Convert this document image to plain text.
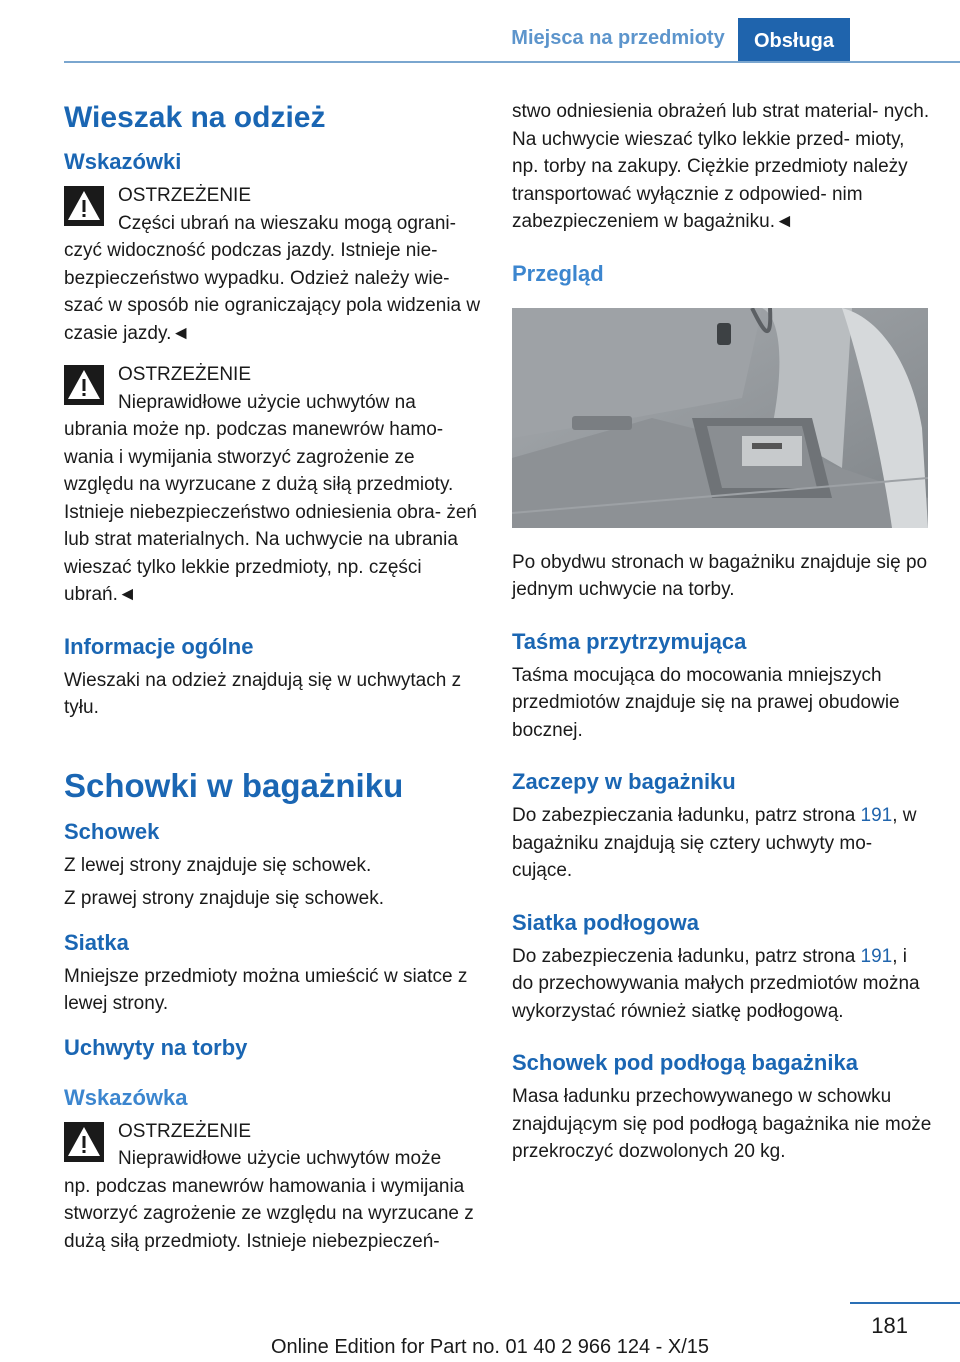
Miejsca na przedmioty	Obsługa
Wieszak na odzież
Wskazówki
OSTRZEŻENIE
Części ubrań na wieszaku mogą ograni-
czyć widoczność podczas jazdy. Istnieje nie- bezpieczeństwo wypadku. Odzież należy wie- szać w sposób nie ograniczający pola widzenia w czasie jazdy.◄
OSTRZEŻENIE
Nieprawidłowe użycie uchwytów na
ubrania może np. podczas manewrów hamo- wania i wymijania stworzyć zagrożenie ze względu na wyrzucane z dużą siłą przedmioty. Istnieje niebezpieczeństwo odniesienia obra- żeń lub strat materialnych. Na uchwycie na ubrania wieszać tylko lekkie przedmioty, np. części ubrań.◄
Informacje ogólne

Wieszaki na odzież znajdują się w uchwytach z tyłu.

Schowki w bagażniku
Schowek

Z lewej strony znajduje się schowek.

Z prawej strony znajduje się schowek.

Siatka

Mniejsze przedmioty można umieścić w siatce z lewej strony.

Uchwyty na torby
Wskazówka
OSTRZEŻENIE
Nieprawidłowe użycie uchwytów może
np. podczas manewrów hamowania i wymijania stworzyć zagrożenie ze względu na wyrzucane z dużą siłą przedmioty. Istnieje niebezpieczeń-

stwo odniesienia obrażeń lub strat material- nych. Na uchwycie wieszać tylko lekkie przed- mioty, np. torby na zakupy. Ciężkie przedmioty należy transportować wyłącznie z odpowied- nim zabezpieczeniem w bagażniku.◄

Przegląd

Po obydwu stronach w bagażniku znajduje się po jednym uchwycie na torby.

Taśma przytrzymująca

Taśma mocująca do mocowania mniejszych przedmiotów znajduje się na prawej obudowie bocznej.

Zaczepy w bagażniku

Do zabezpieczania ładunku, patrz strona 191, w bagażniku znajdują się cztery uchwyty mo- cujące.

Siatka podłogowa

Do zabezpieczenia ładunku, patrz strona 191, i do przechowywania małych przedmiotów można wykorzystać również siatkę podłogową.

Schowek pod podłogą bagażnika

Masa ładunku przechowywanego w schowku znajdującym się pod podłogą bagażnika nie może przekroczyć dozwolonych 20 kg.

181
Online Edition for Part no. 01 40 2 966 124 - X/15
